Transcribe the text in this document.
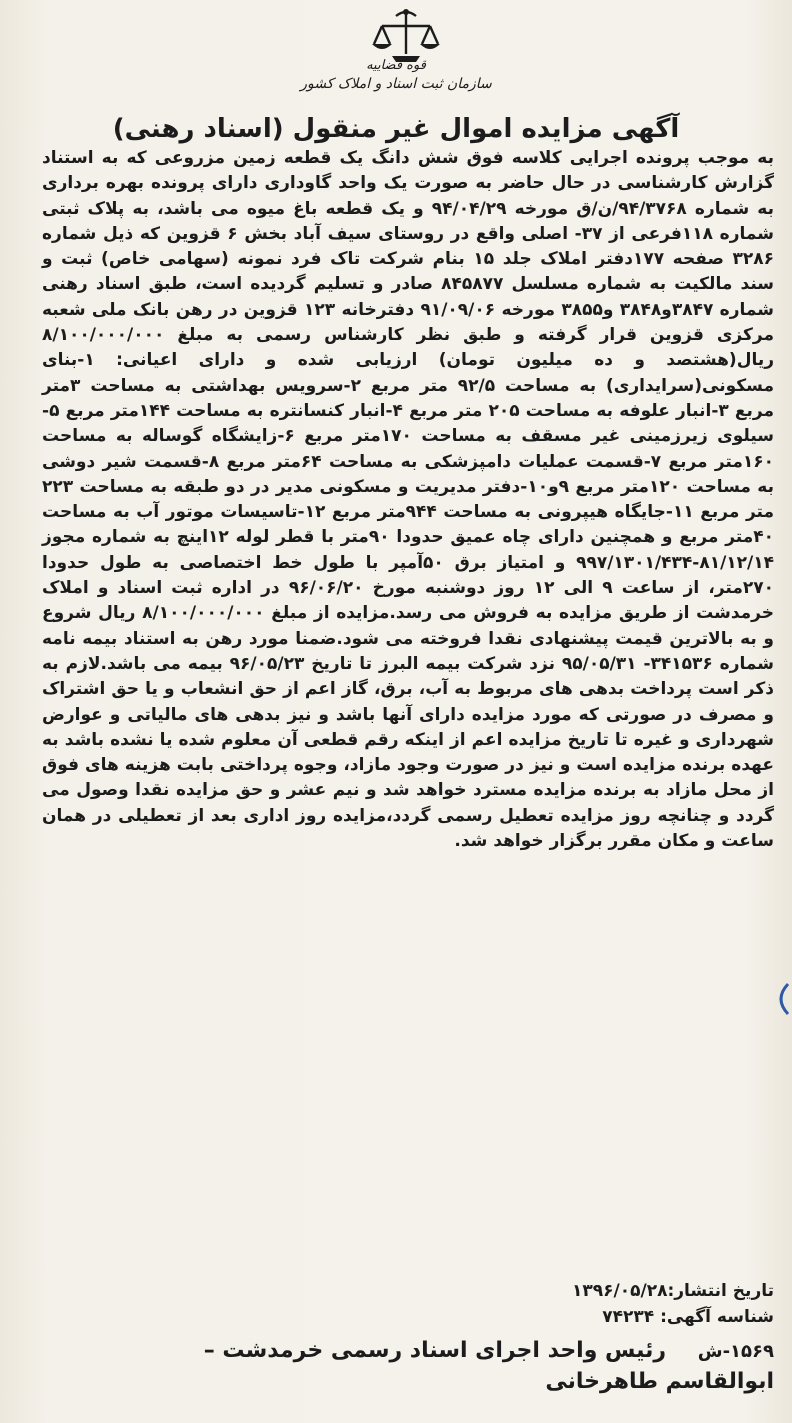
قوه قضاییه
سازمان ثبت اسناد و املاک کشور
آگهی مزایده اموال غیر منقول (اسناد رهنی)

به موجب پرونده اجرایی کلاسه فوق شش دانگ یک قطعه زمین مزروعی که به استناد گزارش کارشناسی در حال حاضر به صورت یک واحد گاوداری دارای پرونده بهره برداری به شماره ۹۴/۳۷۶۸/ن/ق مورخه ۹۴/۰۴/۲۹ و یک قطعه باغ میوه می باشد، به پلاک ثبتی شماره ۱۱۸فرعی از ۳۷- اصلی واقع در روستای سیف آباد بخش ۶ قزوین که ذیل شماره ۳۲۸۶ صفحه ۱۷۷دفتر املاک جلد ۱۵ بنام شرکت تاک فرد نمونه (سهامی خاص) ثبت و سند مالکیت به شماره مسلسل ۸۴۵۸۷۷ صادر و تسلیم گردیده است، طبق اسناد رهنی شماره ۳۸۴۷و۳۸۴۸ و۳۸۵۵ مورخه ۹۱/۰۹/۰۶ دفترخانه ۱۲۳ قزوین در رهن بانک ملی شعبه مرکزی قزوین قرار گرفته و طبق نظر کارشناس رسمی به مبلغ ۸/۱۰۰/۰۰۰/۰۰۰ ریال(هشتصد و ده میلیون تومان) ارزیابی شده و دارای اعیانی: ۱-بنای مسکونی(سرایداری) به مساحت ۹۲/۵ متر مربع ۲-سرویس بهداشتی به مساحت ۳متر مربع ۳-انبار علوفه به مساحت ۲۰۵ متر مربع ۴-انبار کنسانتره به مساحت ۱۴۴متر مربع ۵-سیلوی زیرزمینی غیر مسقف به مساحت ۱۷۰متر مربع ۶-زایشگاه گوساله به مساحت ۱۶۰متر مربع ۷-قسمت عملیات دامپزشکی به مساحت ۶۴متر مربع ۸-قسمت شیر دوشی به مساحت ۱۲۰متر مربع ۹و۱۰-دفتر مدیریت و مسکونی مدیر در دو طبقه به مساحت ۲۲۳ متر مربع ۱۱-جایگاه هیپرونی به مساحت ۹۴۴متر مربع ۱۲-تاسیسات موتور آب به مساحت ۴۰متر مربع و همچنین دارای چاه عمیق حدودا ۹۰متر با قطر لوله ۱۲اینچ به شماره مجوز ۸۱/۱۲/۱۴-۹۹۷/۱۳۰۱/۴۳۴ و امتیاز برق ۵۰آمپر با طول خط اختصاصی به طول حدودا ۲۷۰متر، از ساعت ۹ الی ۱۲ روز دوشنبه مورخ ۹۶/۰۶/۲۰ در اداره ثبت اسناد و املاک خرمدشت از طریق مزایده به فروش می رسد.مزایده از مبلغ ۸/۱۰۰/۰۰۰/۰۰۰ ریال شروع و به بالاترین قیمت پیشنهادی نقدا فروخته می شود.ضمنا مورد رهن به استناد بیمه نامه شماره ۳۴۱۵۳۶- ۹۵/۰۵/۳۱ نزد شرکت بیمه البرز تا تاریخ ۹۶/۰۵/۲۳ بیمه می باشد.لازم به ذکر است پرداخت بدهی های مربوط به آب، برق، گاز اعم از حق انشعاب و یا حق اشتراک و مصرف در صورتی که مورد مزایده دارای آنها باشد و نیز بدهی های مالیاتی و عوارض شهرداری و غیره تا تاریخ مزایده اعم از اینکه رقم قطعی آن معلوم شده یا نشده باشد به عهده برنده مزایده است و نیز در صورت وجود مازاد، وجوه پرداختی بابت هزینه های فوق از محل مازاد به برنده مزایده مسترد خواهد شد و نیم عشر و حق مزایده نقدا وصول می گردد و چنانچه روز مزایده تعطیل رسمی گردد،مزایده روز اداری بعد از تعطیلی در همان ساعت و مکان مقرر برگزار خواهد شد.

تاریخ انتشار:۱۳۹۶/۰۵/۲۸
شناسه آگهی: ۷۴۲۳۴
۱۵۶۹-ش رئیس واحد اجرای اسناد رسمی خرمدشت –
ابوالقاسم طاهرخانی
